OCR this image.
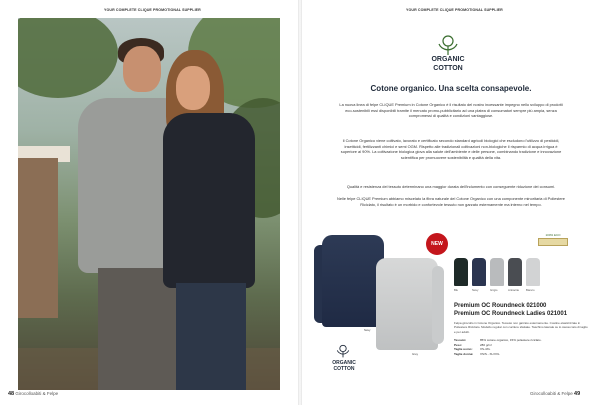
YOUR COMPLETE CLIQUE PROMOTIONAL SUPPLIER
48 Girocolloabiti & Felpe
YOUR COMPLETE CLIQUE PROMOTIONAL SUPPLIER
ORGANIC
COTTON
Cotone organico. Una scelta consapevole.
La nuova linea di felpe CLIQUE Premium in Cotone Organico è il risultato del nostro incessante impegno nello sviluppo di prodotti eco-sostenibili essi disponibili tramite il mercato promo-pubblicitario ad una platea di consumatori sempre più ampia, senza compromessi di qualità e condizioni vantaggiose.
Il Cotone Organico viene coltivato, lavorato e certificato secondo standard agricoli biologici che escludono l'utilizzo di pesticidi, insetticidi, fertilizzanti chimici e semi OGM. Rispetto alle tradizionali coltivazioni non-biologiche il risparmio di acqua irrigua è superiore al 90%. La coltivazione biologica giova alla salute dell'ambiente e delle persone, combinando tradizione e innovazione scientifica per promuovere sostenibilità e qualità della vita.
Qualità e resistenza del tessuto determinano una maggior durata dell'indumento con conseguente riduzione dei consumi.
Nelle felpe CLIQUE Premium abbiamo miscelato la fibra naturale del Cotone Organico con una componente minoritaria di Poliestere Riciclato, il risultato è un morbido e confortevole tessuto non garzato esternamente ma interno nel tempo.
Navy
Grey
NEW
100% ECO
Blu	Navy	Grigio	Antracite Bianco
ORGANIC
COTTON
Premium OC Roundneck 021000
Premium OC Roundneck Ladies 021001
Felpa girocollo in Cotone Organico. Tessuto non garzato esternamente. Costine elasticizzate in Poliestere Riciclato. Modello regular con cuciture sfalsate. Taschino laterale su lo stesso lato di taglio e per adulti.
Tessuto:	85% cotone organico, 15% poliestere riciclato.
Peso:	280 g/m²
Taglie uomo:	XS-4XL
Taglie donna: XS/S - XL/XXL
Girocolloabiti & Felpe 49
